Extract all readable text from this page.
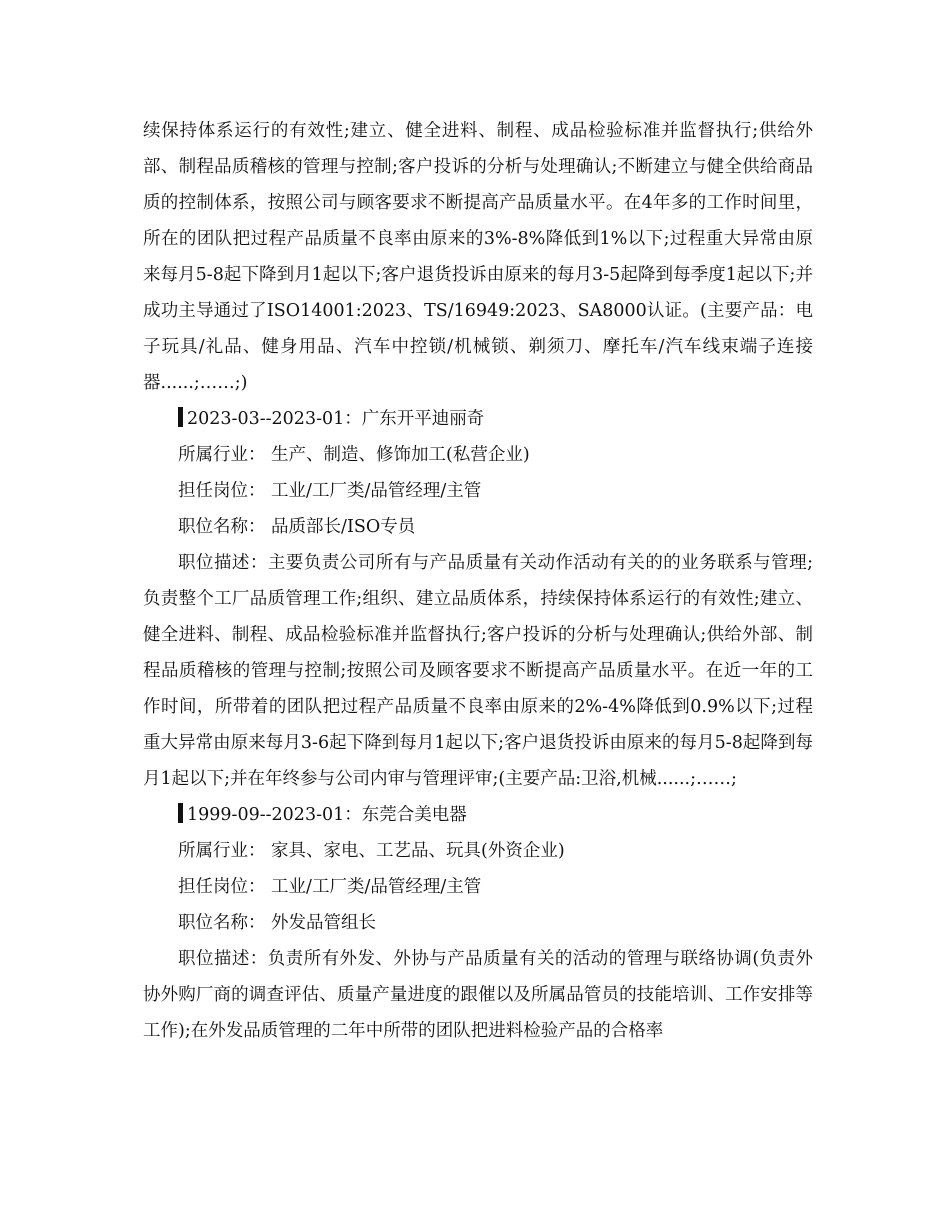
续保持体系运行的有效性;建立、健全进料、制程、成品检验标准并监督执行;供给外部、制程品质稽核的管理与控制;客户投诉的分析与处理确认;不断建立与健全供给商品质的控制体系，按照公司与顾客要求不断提高产品质量水平。在4年多的工作时间里，所在的团队把过程产品质量不良率由原来的3%-8%降低到1%以下;过程重大异常由原来每月5-8起下降到月1起以下;客户退货投诉由原来的每月3-5起降到每季度1起以下;并成功主导通过了ISO14001:2023、TS/16949:2023、SA8000认证。(主要产品：电子玩具/礼品、健身用品、汽车中控锁/机械锁、剃须刀、摩托车/汽车线束端子连接器......;……;)

2023-03--2023-01：广东开平迪丽奇

所属行业： 生产、制造、修饰加工(私营企业)

担任岗位： 工业/工厂类/品管经理/主管

职位名称： 品质部长/ISO专员

职位描述：主要负责公司所有与产品质量有关动作活动有关的的业务联系与管理;负责整个工厂品质管理工作;组织、建立品质体系，持续保持体系运行的有效性;建立、健全进料、制程、成品检验标准并监督执行;客户投诉的分析与处理确认;供给外部、制程品质稽核的管理与控制;按照公司及顾客要求不断提高产品质量水平。在近一年的工作时间，所带着的团队把过程产品质量不良率由原来的2%-4%降低到0.9%以下;过程重大异常由原来每月3-6起下降到每月1起以下;客户退货投诉由原来的每月5-8起降到每月1起以下;并在年终参与公司内审与管理评审;(主要产品:卫浴,机械......;……;

1999-09--2023-01：东莞合美电器

所属行业： 家具、家电、工艺品、玩具(外资企业)

担任岗位： 工业/工厂类/品管经理/主管

职位名称： 外发品管组长

职位描述：负责所有外发、外协与产品质量有关的活动的管理与联络协调(负责外协外购厂商的调查评估、质量产量进度的跟催以及所属品管员的技能培训、工作安排等工作);在外发品质管理的二年中所带的团队把进料检验产品的合格率
